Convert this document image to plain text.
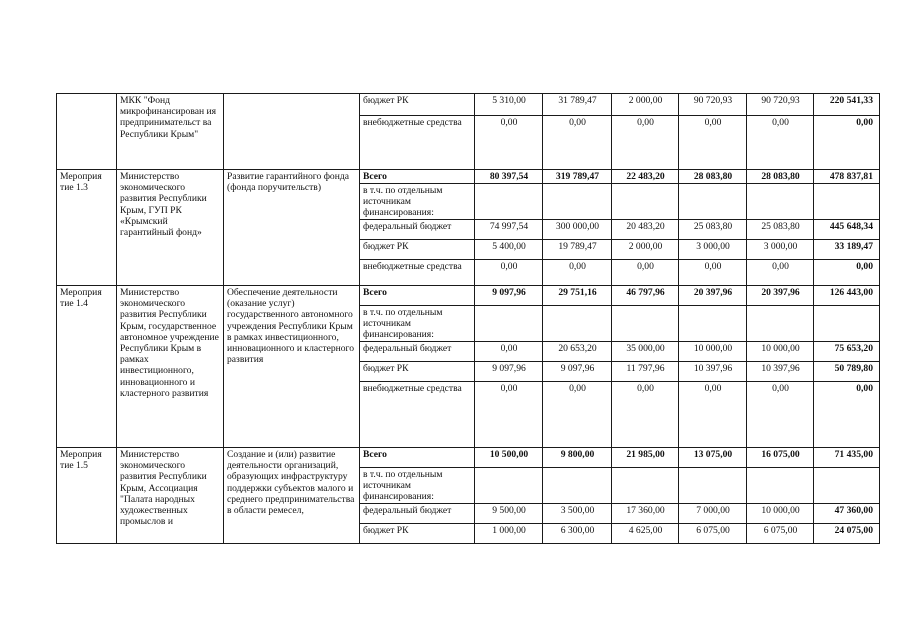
	МКК "Фонд микрофинансирован ия предпринимательст ва Республики Крым"		бюджет РК	5 310,00	31 789,47	2 000,00	90 720,93	90 720,93	220 541,33
			внебюджетные средства	0,00	0,00	0,00	0,00	0,00	0,00
Мероприя тие 1.3	Министерство экономического развития Республики Крым, ГУП РК «Крымский гарантийный фонд»	Развитие гарантийного фонда (фонда поручительств)	Всего	80 397,54	319 789,47	22 483,20	28 083,80	28 083,80	478 837,81
			в т.ч. по отдельным источникам финансирования:						
			федеральный бюджет	74 997,54	300 000,00	20 483,20	25 083,80	25 083,80	445 648,34
			бюджет РК	5 400,00	19 789,47	2 000,00	3 000,00	3 000,00	33 189,47
			внебюджетные средства	0,00	0,00	0,00	0,00	0,00	0,00
Мероприя тие 1.4	Министерство экономического развития Республики Крым, государственное автономное учреждение Республики Крым в рамках инвестиционного, инновационного и кластерного развития	Обеспечение деятельности (оказание услуг) государственного автономного учреждения Республики Крым в рамках инвестиционного, инновационного и кластерного развития	Всего	9 097,96	29 751,16	46 797,96	20 397,96	20 397,96	126 443,00
			в т.ч. по отдельным источникам финансирования:						
			федеральный бюджет	0,00	20 653,20	35 000,00	10 000,00	10 000,00	75 653,20
			бюджет РК	9 097,96	9 097,96	11 797,96	10 397,96	10 397,96	50 789,80
			внебюджетные средства	0,00	0,00	0,00	0,00	0,00	0,00
Мероприя тие 1.5	Министерство экономического развития Республики Крым, Ассоциация "Палата народных художественных промыслов и	Создание и (или) развитие деятельности организаций, образующих инфраструктуру поддержки субъектов малого и среднего предпринимательства в области ремесел,	Всего	10 500,00	9 800,00	21 985,00	13 075,00	16 075,00	71 435,00
			в т.ч. по отдельным источникам финансирования:						
			федеральный бюджет	9 500,00	3 500,00	17 360,00	7 000,00	10 000,00	47 360,00
			бюджет РК	1 000,00	6 300,00	4 625,00	6 075,00	6 075,00	24 075,00
